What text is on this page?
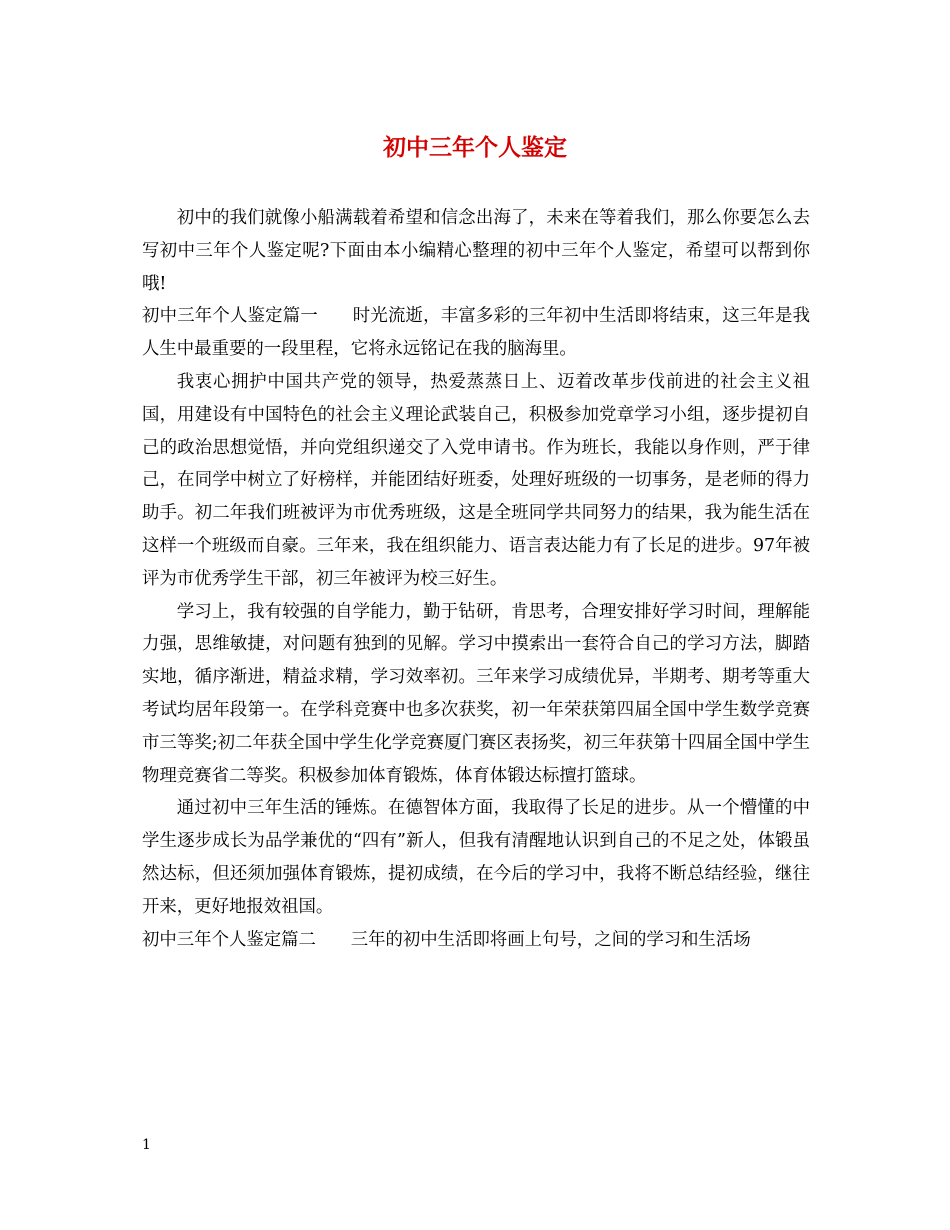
初中三年个人鉴定

初中的我们就像小船满载着希望和信念出海了，未来在等着我们，那么你要怎么去写初中三年个人鉴定呢?下面由本小编精心整理的初中三年个人鉴定，希望可以帮到你哦!

初中三年个人鉴定篇一 时光流逝，丰富多彩的三年初中生活即将结束，这三年是我人生中最重要的一段里程，它将永远铭记在我的脑海里。

我衷心拥护中国共产党的领导，热爱蒸蒸日上、迈着改革步伐前进的社会主义祖国，用建设有中国特色的社会主义理论武装自己，积极参加党章学习小组，逐步提初自己的政治思想觉悟，并向党组织递交了入党申请书。作为班长，我能以身作则，严于律己，在同学中树立了好榜样，并能团结好班委，处理好班级的一切事务，是老师的得力助手。初二年我们班被评为市优秀班级，这是全班同学共同努力的结果，我为能生活在这样一个班级而自豪。三年来，我在组织能力、语言表达能力有了长足的进步。97年被评为市优秀学生干部，初三年被评为校三好生。

学习上，我有较强的自学能力，勤于钻研，肯思考，合理安排好学习时间，理解能力强，思维敏捷，对问题有独到的见解。学习中摸索出一套符合自己的学习方法，脚踏实地，循序渐进，精益求精，学习效率初。三年来学习成绩优异，半期考、期考等重大考试均居年段第一。在学科竞赛中也多次获奖，初一年荣获第四届全国中学生数学竞赛市三等奖;初二年获全国中学生化学竞赛厦门赛区表扬奖，初三年获第十四届全国中学生物理竞赛省二等奖。积极参加体育锻炼，体育体锻达标擅打篮球。

通过初中三年生活的锤炼。在德智体方面，我取得了长足的进步。从一个懵懂的中学生逐步成长为品学兼优的“四有”新人，但我有清醒地认识到自己的不足之处，体锻虽然达标，但还须加强体育锻炼，提初成绩，在今后的学习中，我将不断总结经验，继往开来，更好地报效祖国。

初中三年个人鉴定篇二 三年的初中生活即将画上句号，之间的学习和生活场

1
